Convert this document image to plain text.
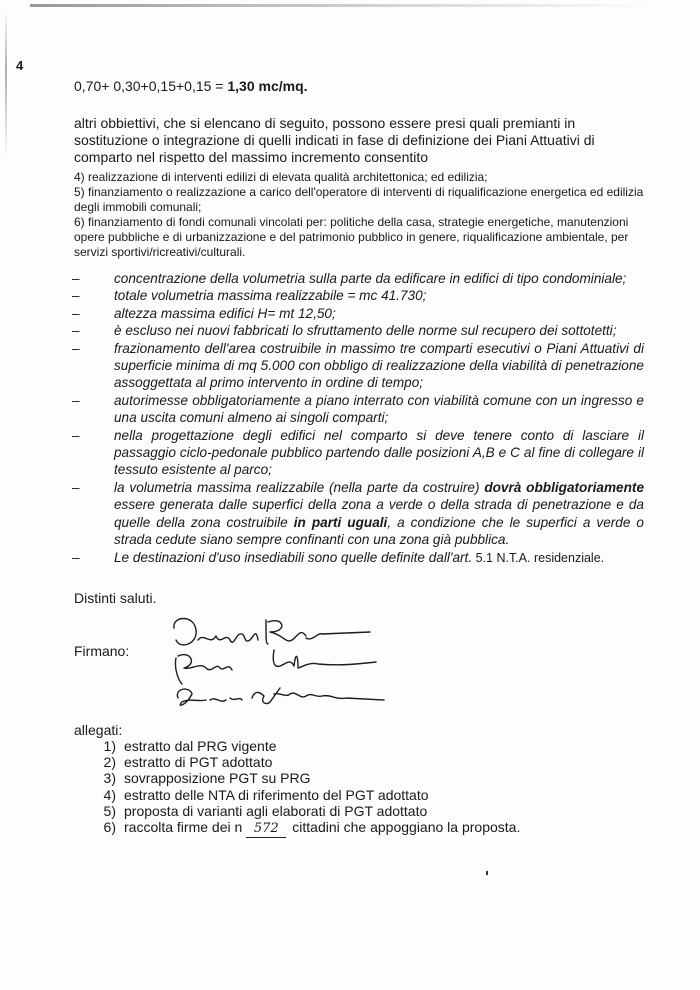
4
0,70+ 0,30+0,15+0,15 = 1,30 mc/mq.
altri obbiettivi, che si elencano di seguito, possono essere presi quali premianti in sostituzione o integrazione di quelli indicati in fase di definizione dei Piani Attuativi di comparto nel rispetto del massimo incremento consentito

4) realizzazione di interventi edilizi di elevata qualità architettonica; ed edilizia;

5) finanziamento o realizzazione a carico dell'operatore di interventi di riqualificazione energetica ed edilizia degli immobili comunali;

6) finanziamento di fondi comunali vincolati per: politiche della casa, strategie energetiche, manutenzioni opere pubbliche e di urbanizzazione e del patrimonio pubblico in genere, riqualificazione ambientale, per servizi sportivi/ricreativi/culturali.

–	concentrazione della volumetria sulla parte da edificare in edifici di tipo condominiale;
–	totale volumetria massima realizzabile = mc 41.730;
–	altezza massima edifici H= mt 12,50;
–	è escluso nei nuovi fabbricati lo sfruttamento delle norme sul recupero dei sottotetti;
–	frazionamento dell'area costruibile in massimo tre comparti esecutivi o Piani Attuativi di superficie minima di mq 5.000 con obbligo di realizzazione della viabilità di penetrazione assoggettata al primo intervento in ordine di tempo;
–	autorimesse obbligatoriamente a piano interrato con viabilità comune con un ingresso e una uscita comuni almeno ai singoli comparti;
–	nella progettazione degli edifici nel comparto si deve tenere conto di lasciare il passaggio ciclo-pedonale pubblico partendo dalle posizioni A,B e C al fine di collegare il tessuto esistente al parco;
–	la volumetria massima realizzabile (nella parte da costruire) dovrà obbligatoriamente essere generata dalle superfici della zona a verde o della strada di penetrazione e da quelle della zona costruibile in parti uguali, a condizione che le superfici a verde o strada cedute siano sempre confinanti con una zona già pubblica.
–	Le destinazioni d'uso insediabili sono quelle definite dall'art. 5.1 N.T.A. residenziale.
Distinti saluti.
Firmano:
allegati:
1) estratto dal PRG vigente
2) estratto di PGT adottato
3) sovrapposizione PGT su PRG
4) estratto delle NTA di riferimento del PGT adottato
5) proposta di varianti agli elaborati di PGT adottato
6) raccolta firme dei n 572 cittadini che appoggiano la proposta.
